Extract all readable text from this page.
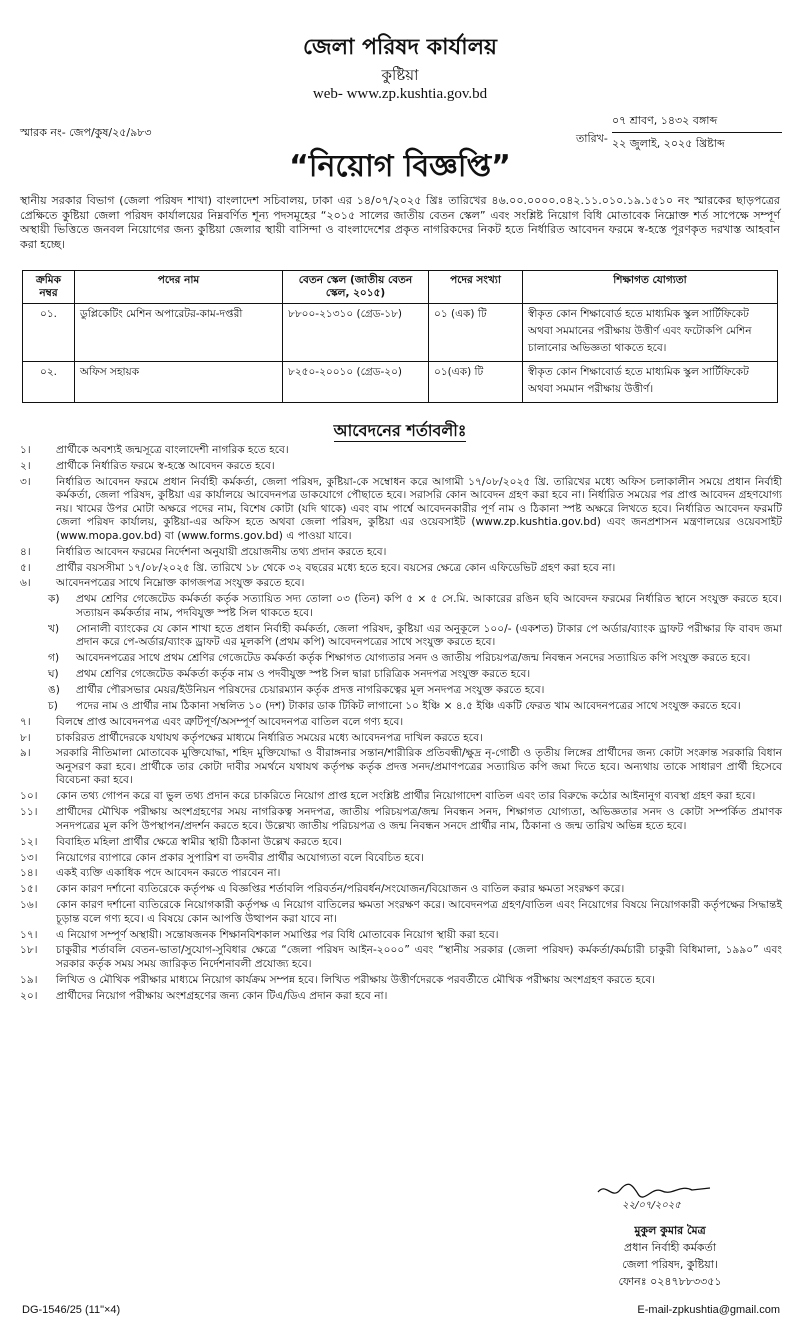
জেলা পরিষদ কার্যালয়
কুষ্টিয়া
web- www.zp.kushtia.gov.bd
স্মারক নং- জেপ/কুষ/২৫/৯৮৩	তারিখ-
০৭ শ্রাবণ, ১৪৩২ বঙ্গাব্দ
২২ জুলাই, ২০২৫ খ্রিষ্টাব্দ
“নিয়োগ বিজ্ঞপ্তি”
স্থানীয় সরকার বিভাগ (জেলা পরিষদ শাখা) বাংলাদেশ সচিবালয়, ঢাকা এর ১৪/০৭/২০২৫ খ্রিঃ তারিখের ৪৬.০০.০০০০.০৪২.১১.০১০.১৯.১৫১০ নং স্মারকের ছাড়পত্রের প্রেক্ষিতে কুষ্টিয়া জেলা পরিষদ কার্যালয়ের নিম্নবর্ণিত শূন্য পদসমূহের “২০১৫ সালের জাতীয় বেতন স্কেল” এবং সংশ্লিষ্ট নিয়োগ বিধি মোতাবেক নিম্নোক্ত শর্ত সাপেক্ষে সম্পূর্ণ অস্থায়ী ভিত্তিতে জনবল নিয়োগের জন্য কুষ্টিয়া জেলার স্থায়ী বাসিন্দা ও বাংলাদেশের প্রকৃত নাগরিকদের নিকট হতে নির্ধারিত আবেদন ফরমে স্ব-হস্তে পূরণকৃত দরখাস্ত আহবান করা হচ্ছে।
ক্রমিক নম্বর	পদের নাম	বেতন স্কেল (জাতীয় বেতন স্কেল, ২০১৫)	পদের সংখ্যা	শিক্ষাগত যোগ্যতা
০১.	ডুপ্লিকেটিং মেশিন অপারেটর-কাম-দপ্তরী	৮৮০০-২১৩১০ (গ্রেড-১৮)	০১ (এক) টি	স্বীকৃত কোন শিক্ষাবোর্ড হতে মাধ্যমিক স্কুল সার্টিফিকেট অথবা সমমানের পরীক্ষায় উত্তীর্ণ এবং ফটোকপি মেশিন চালানোর অভিজ্ঞতা থাকতে হবে।
০২.	অফিস সহায়ক	৮২৫০-২০০১০ (গ্রেড-২০)	০১(এক) টি	স্বীকৃত কোন শিক্ষাবোর্ড হতে মাধ্যমিক স্কুল সার্টিফিকেট অথবা সমমান পরীক্ষায় উত্তীর্ণ।
আবেদনের শর্তাবলীঃ
১।	প্রার্থীকে অবশ্যই জন্মসূত্রে বাংলাদেশী নাগরিক হতে হবে।
২।	প্রার্থীকে নির্ধারিত ফরমে স্ব-হস্তে আবেদন করতে হবে।
৩।	নির্ধারিত আবেদন ফরমে প্রধান নির্বাহী কর্মকর্তা, জেলা পরিষদ, কুষ্টিয়া-কে সম্বোধন করে আগামী ১৭/০৮/২০২৫ খ্রি. তারিখের মধ্যে অফিস চলাকালীন সময়ে প্রধান নির্বাহী কর্মকর্তা, জেলা পরিষদ, কুষ্টিয়া এর কার্যালয়ে আবেদনপত্র ডাকযোগে পৌছাতে হবে। সরাসরি কোন আবেদন গ্রহণ করা হবে না। নির্ধারিত সময়ের পর প্রাপ্ত আবেদন গ্রহণযোগ্য নয়। খামের উপর মোটা অক্ষরে পদের নাম, বিশেষ কোটা (যদি থাকে) এবং বাম পার্শ্বে আবেদনকারীর পূর্ণ নাম ও ঠিকানা স্পষ্ট অক্ষরে লিখতে হবে। নির্ধারিত আবেদন ফরমটি জেলা পরিষদ কার্যালয়, কুষ্টিয়া-এর অফিস হতে অথবা জেলা পরিষদ, কুষ্টিয়া এর ওয়েবসাইট (www.zp.kushtia.gov.bd) এবং জনপ্রশাসন মন্ত্রণালয়ের ওয়েবসাইট (www.mopa.gov.bd) বা (www.forms.gov.bd) এ পাওয়া যাবে।
৪।	নির্ধারিত আবেদন ফরমের নির্দেশনা অনুযায়ী প্রয়োজনীয় তথ্য প্রদান করতে হবে।
৫।	প্রার্থীর বয়সসীমা ১৭/০৮/২০২৫ খ্রি. তারিখে ১৮ থেকে ৩২ বছরের মধ্যে হতে হবে। বয়সের ক্ষেত্রে কোন এফিডেভিট গ্রহণ করা হবে না।
৬।	আবেদনপত্রের সাথে নিম্নোক্ত কাগজপত্র সংযুক্ত করতে হবে।
ক)	প্রথম শ্রেণির গেজেটেড কর্মকর্তা কর্তৃক সত্যায়িত সদ্য তোলা ০৩ (তিন) কপি ৫ × ৫ সে.মি. আকারের রঙিন ছবি আবেদন ফরমের নির্ধারিত স্থানে সংযুক্ত করতে হবে। সত্যায়ন কর্মকর্তার নাম, পদবিযুক্ত স্পষ্ট সিল থাকতে হবে।
খ)	সোনালী ব্যাংকের যে কোন শাখা হতে প্রধান নির্বাহী কর্মকর্তা, জেলা পরিষদ, কুষ্টিয়া এর অনুকূলে ১০০/- (একশত) টাকার পে অর্ডার/ব্যাংক ড্রাফট পরীক্ষার ফি বাবদ জমা প্রদান করে পে-অর্ডার/ব্যাংক ড্রাফট এর মূলকপি (প্রথম কপি) আবেদনপত্রের সাথে সংযুক্ত করতে হবে।
গ)	আবেদনপত্রের সাথে প্রথম শ্রেণির গেজেটেড কর্মকর্তা কর্তৃক শিক্ষাগত যোগ্যতার সনদ ও জাতীয় পরিচয়পত্র/জন্ম নিবন্ধন সনদের সত্যায়িত কপি সংযুক্ত করতে হবে।
ঘ)	প্রথম শ্রেণির গেজেটেড কর্মকর্তা কর্তৃক নাম ও পদবীযুক্ত স্পষ্ট সিল দ্বারা চারিত্রিক সনদপত্র সংযুক্ত করতে হবে।
ঙ)	প্রার্থীর পৌরসভার মেয়র/ইউনিয়ন পরিষদের চেয়ারম্যান কর্তৃক প্রদত্ত নাগরিকত্বের মূল সনদপত্র সংযুক্ত করতে হবে।
চ)	পদের নাম ও প্রার্থীর নাম ঠিকানা সম্বলিত ১০ (দশ) টাকার ডাক টিকিট লাগানো ১০ ইঞ্চি × ৪.৫ ইঞ্চি একটি ফেরত খাম আবেদনপত্রের সাথে সংযুক্ত করতে হবে।
৭।	বিলম্বে প্রাপ্ত আবেদনপত্র এবং ত্রুটিপূর্ণ/অসম্পূর্ণ আবেদনপত্র বাতিল বলে গণ্য হবে।
৮।	চাকরিরত প্রার্থীদেরকে যথাযথ কর্তৃপক্ষের মাধ্যমে নির্ধারিত সময়ের মধ্যে আবেদনপত্র দাখিল করতে হবে।
৯।	সরকারি নীতিমালা মোতাবেক মুক্তিযোদ্ধা, শহিদ মুক্তিযোদ্ধা ও বীরাঙ্গনার সন্তান/শারীরিক প্রতিবন্ধী/ক্ষুদ্র নৃ-গোষ্ঠী ও তৃতীয় লিঙ্গের প্রার্থীদের জন্য কোটা সংক্রান্ত সরকারি বিধান অনুসরণ করা হবে। প্রার্থীকে তার কোটা দাবীর সমর্থনে যথাযথ কর্তৃপক্ষ কর্তৃক প্রদত্ত সনদ/প্রমাণপত্রের সত্যায়িত কপি জমা দিতে হবে। অন্যথায় তাকে সাধারণ প্রার্থী হিসেবে বিবেচনা করা হবে।
১০।	কোন তথ্য গোপন করে বা ভুল তথ্য প্রদান করে চাকরিতে নিয়োগ প্রাপ্ত হলে সংশ্লিষ্ট প্রার্থীর নিয়োগাদেশ বাতিল এবং তার বিরুদ্ধে কঠোর আইনানুগ ব্যবস্থা গ্রহণ করা হবে।
১১।	প্রার্থীদের মৌখিক পরীক্ষায় অংশগ্রহণের সময় নাগরিকত্ব সনদপত্র, জাতীয় পরিচয়পত্র/জন্ম নিবন্ধন সনদ, শিক্ষাগত যোগ্যতা, অভিজ্ঞতার সনদ ও কোটা সম্পর্কিত প্রমাণক সনদপত্রের মূল কপি উপস্থাপন/প্রদর্শন করতে হবে। উল্লেখ্য জাতীয় পরিচয়পত্র ও জন্ম নিবন্ধন সনদে প্রার্থীর নাম, ঠিকানা ও জন্ম তারিখ অভিন্ন হতে হবে।
১২।	বিবাহিত মহিলা প্রার্থীর ক্ষেত্রে স্বামীর স্থায়ী ঠিকানা উল্লেখ করতে হবে।
১৩।	নিয়োগের ব্যাপারে কোন প্রকার সুপারিশ বা তদবীর প্রার্থীর অযোগ্যতা বলে বিবেচিত হবে।
১৪।	একই ব্যক্তি একাধিক পদে আবেদন করতে পারবেন না।
১৫।	কোন কারণ দর্শানো ব্যতিরেকে কর্তৃপক্ষ এ বিজ্ঞপ্তির শর্তাবলি পরিবর্তন/পরিবর্ধন/সংযোজন/বিয়োজন ও বাতিল করার ক্ষমতা সংরক্ষণ করে।
১৬।	কোন কারণ দর্শানো ব্যতিরেকে নিয়োগকারী কর্তৃপক্ষ এ নিয়োগ বাতিলের ক্ষমতা সংরক্ষণ করে। আবেদনপত্র গ্রহণ/বাতিল এবং নিয়োগের বিষয়ে নিয়োগকারী কর্তৃপক্ষের সিদ্ধান্তই চূড়ান্ত বলে গণ্য হবে। এ বিষয়ে কোন আপত্তি উত্থাপন করা যাবে না।
১৭।	এ নিয়োগ সম্পূর্ণ অস্থায়ী। সন্তোষজনক শিক্ষানবিশকাল সমাপ্তির পর বিধি মোতাবেক নিয়োগ স্থায়ী করা হবে।
১৮।	চাকুরীর শর্তাবলি বেতন-ভাতা/সুযোগ-সুবিধার ক্ষেত্রে “জেলা পরিষদ আইন-২০০০” এবং “স্থানীয় সরকার (জেলা পরিষদ) কর্মকর্তা/কর্মচারী চাকুরী বিধিমালা, ১৯৯০” এবং সরকার কর্তৃক সময় সময় জারিকৃত নির্দেশনাবলী প্রযোজ্য হবে।
১৯।	লিখিত ও মৌখিক পরীক্ষার মাধ্যমে নিয়োগ কার্যক্রম সম্পন্ন হবে। লিখিত পরীক্ষায় উত্তীর্ণদেরকে পরবর্তীতে মৌখিক পরীক্ষায় অংশগ্রহণ করতে হবে।
২০।	প্রার্থীদের নিয়োগ পরীক্ষায় অংশগ্রহণের জন্য কোন টিএ/ডিএ প্রদান করা হবে না।
২২/০৭/২০২৫
মুকুল কুমার মৈত্র
প্রধান নির্বাহী কর্মকর্তা
জেলা পরিষদ, কুষ্টিয়া।
ফোনঃ ০২৪৭৮৮৩৩৫১
DG-1546/25 (11"×4)	E-mail-zpkushtia@gmail.com
